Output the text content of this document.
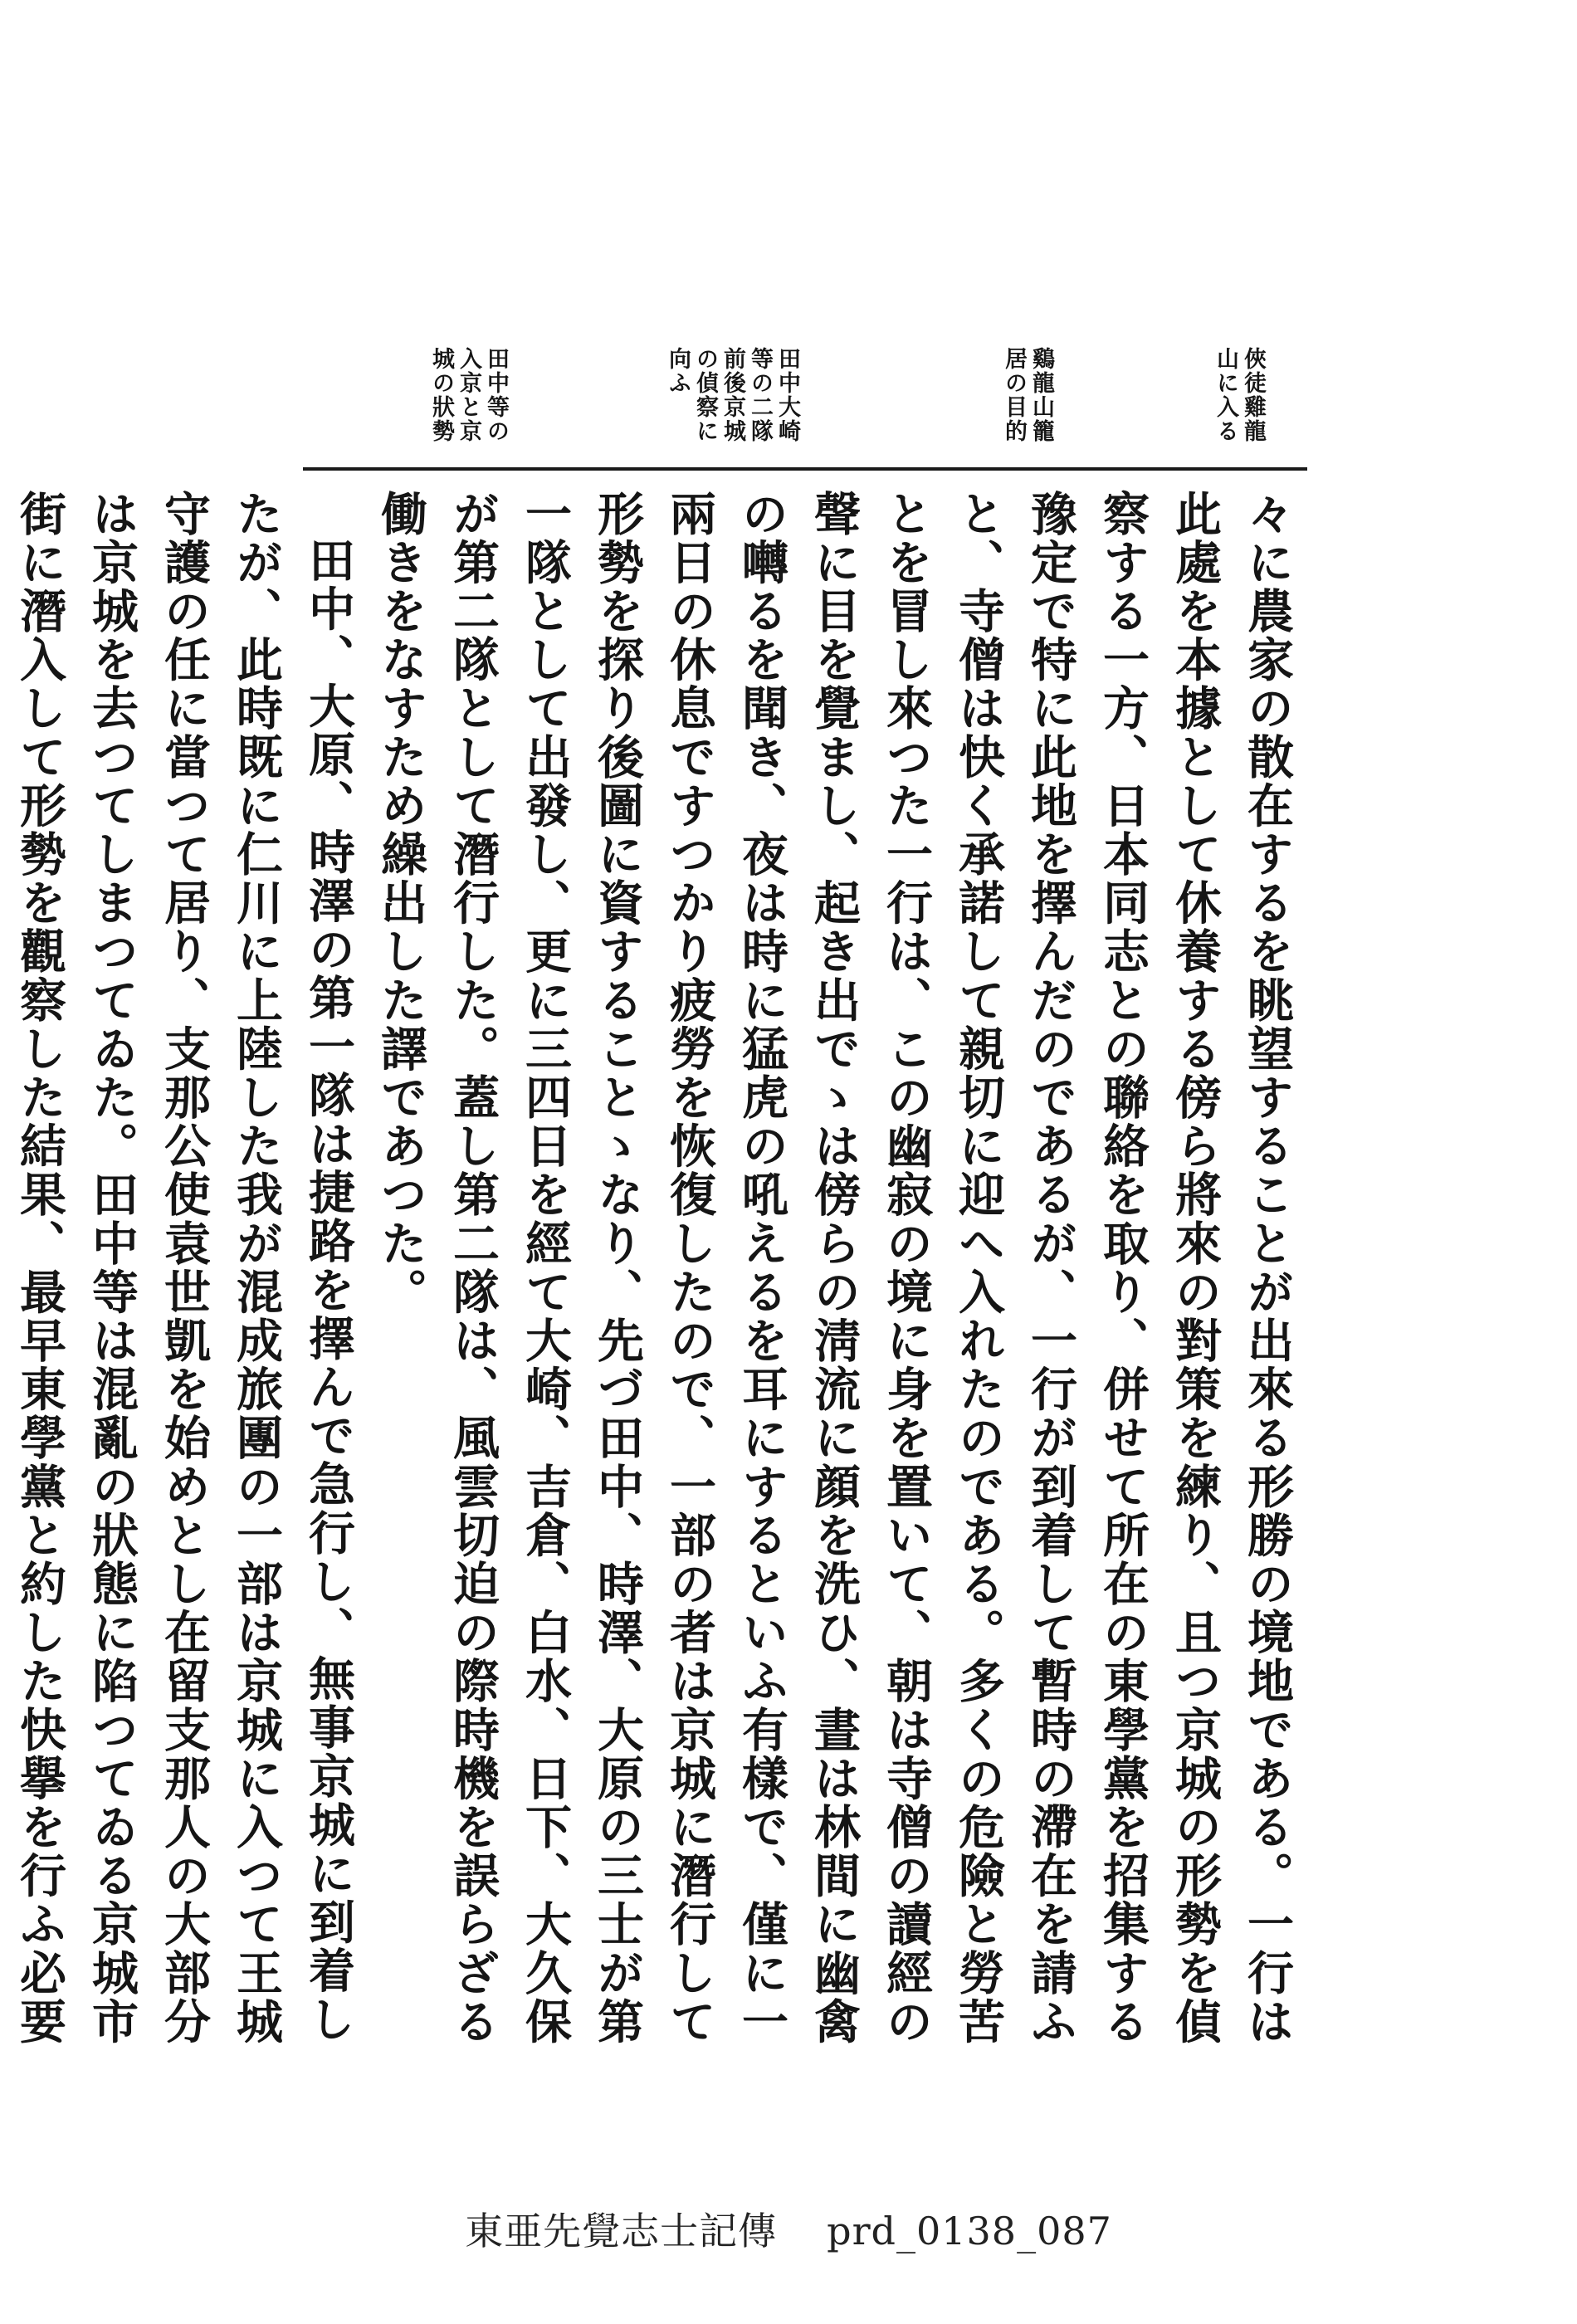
俠徒雞龍
山に入る
鷄龍山籠
居の目的
田中大崎
等の二隊
前後京城
の偵察に
向ふ
田中等の
入京と京
城の狀勢

々に農家の散在するを眺望することが出來る形勝の境地である。一行は此處を本據として休養する傍ら將來の對策を練り、且つ京城の形勢を偵察する一方、日本同志との聯絡を取り、併せて所在の東學黨を招集する豫定で特に此地を擇んだのであるが、一行が到着して暫時の滯在を請ふと、寺僧は快く承諾して親切に迎へ入れたのである。多くの危險と勞苦とを冒し來つた一行は、この幽寂の境に身を置いて、朝は寺僧の讀經の聲に目を覺まし、起き出でゝは傍らの淸流に顔を洗ひ、晝は林間に幽禽の囀るを聞き、夜は時に猛虎の吼えるを耳にするといふ有樣で、僅に一兩日の休息ですつかり疲勞を恢復したので、一部の者は京城に潛行して形勢を探り後圖に資することゝなり、先づ田中、時澤、大原の三士が第一隊として出發し、更に三四日を經て大崎、吉倉、白水、日下、大久保が第二隊として潛行した。蓋し第二隊は、風雲切迫の際時機を誤らざる働きをなすため繰出した譯であつた。

田中、大原、時澤の第一隊は捷路を擇んで急行し、無事京城に到着したが、此時既に仁川に上陸した我が混成旅團の一部は京城に入つて王城守護の任に當つて居り、支那公使袁世凱を始めとし在留支那人の大部分は京城を去つてしまつてゐた。田中等は混亂の狀態に陷つてゐる京城市街に潛入して形勢を觀察した結果、最早東學黨と約した快擧を行ふ必要

東亜先覺志士記傳 prd_0138_087
